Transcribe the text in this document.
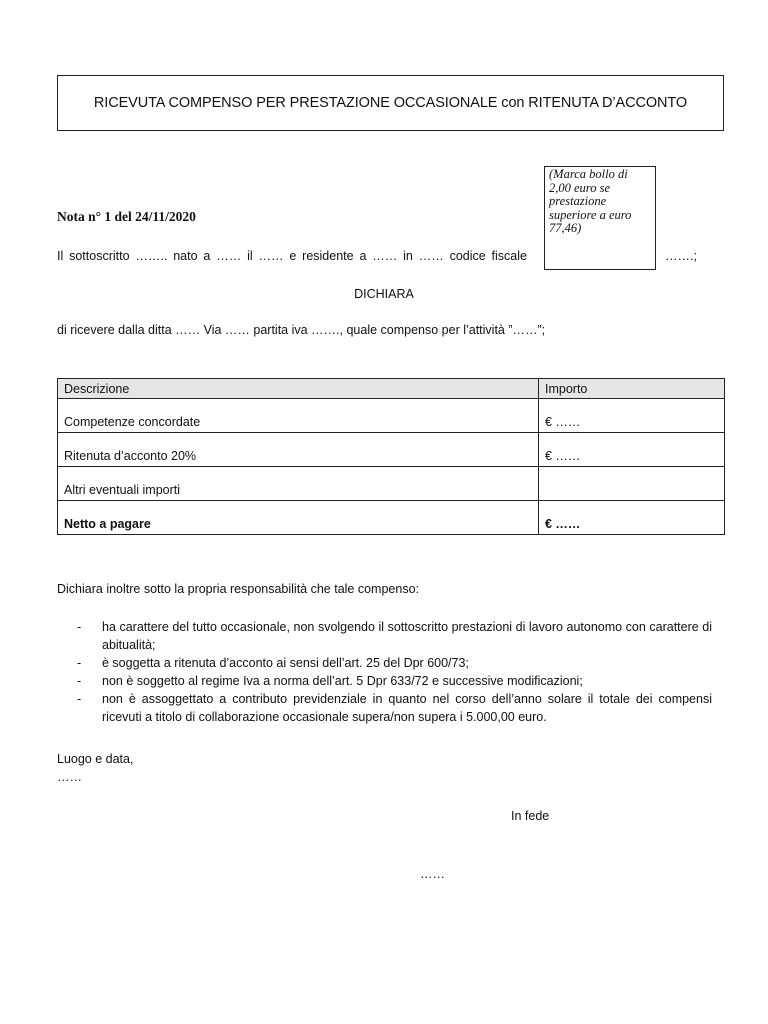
RICEVUTA COMPENSO PER PRESTAZIONE OCCASIONALE con RITENUTA D’ACCONTO
(Marca bollo di
2,00 euro se
prestazione
superiore a euro
77,46)
Nota n° 1 del 24/11/2020
Il sottoscritto …….. nato a …… il …… e residente a …… in …… codice fiscale	…….;
DICHIARA
di ricevere dalla ditta …… Via …… partita iva ……., quale compenso per l’attività ”……”;
Descrizione	Importo
Competenze concordate	€ ……
Ritenuta d’acconto 20%	€ ……
Altri eventuali importi	
Netto a pagare	€ ……
Dichiara inoltre sotto la propria responsabilità che tale compenso:
- ha carattere del tutto occasionale, non svolgendo il sottoscritto prestazioni di lavoro autonomo con carattere di abitualità;
- è soggetta a ritenuta d’acconto ai sensi dell’art. 25 del Dpr 600/73;
- non è soggetto al regime Iva a norma dell’art. 5 Dpr 633/72 e successive modificazioni;
- non è assoggettato a contributo previdenziale in quanto nel corso dell’anno solare il totale dei compensi ricevuti a titolo di collaborazione occasionale supera/non supera i 5.000,00 euro.
Luogo e data,
……
In fede
……
